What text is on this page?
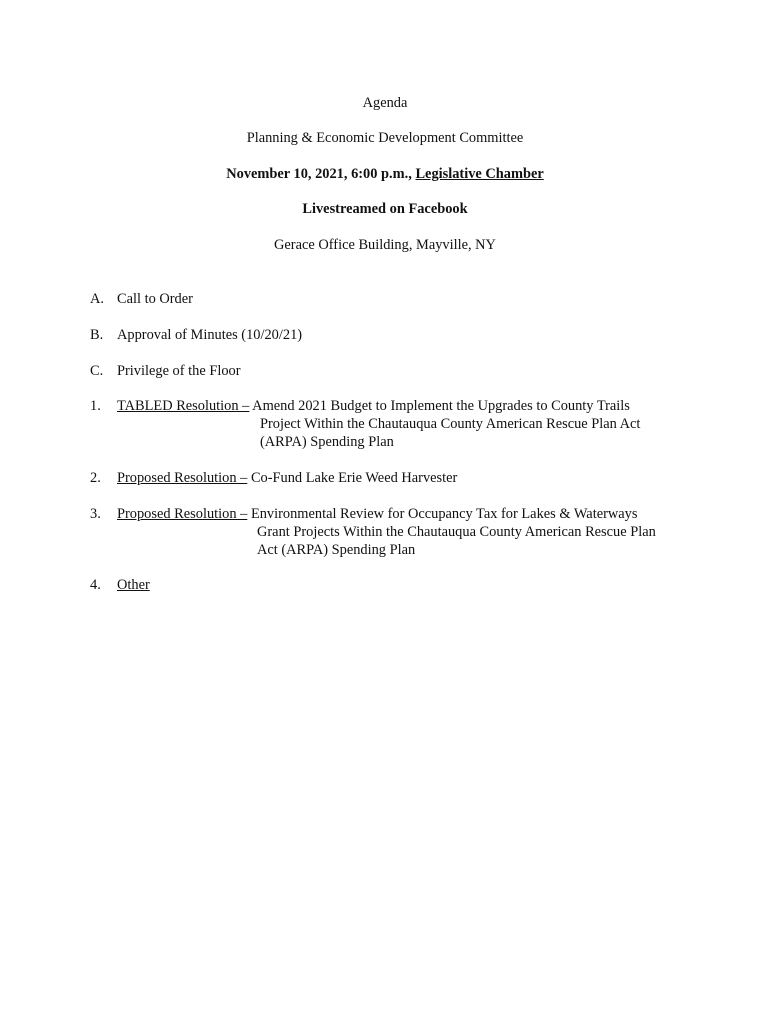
Agenda
Planning & Economic Development Committee
November 10, 2021, 6:00 p.m., Legislative Chamber
Livestreamed on Facebook
Gerace Office Building, Mayville, NY
A. Call to Order
B. Approval of Minutes (10/20/21)
C. Privilege of the Floor
1. TABLED Resolution – Amend 2021 Budget to Implement the Upgrades to County Trails
Project Within the Chautauqua County American Rescue Plan Act
(ARPA) Spending Plan
2. Proposed Resolution – Co-Fund Lake Erie Weed Harvester
3. Proposed Resolution – Environmental Review for Occupancy Tax for Lakes & Waterways
Grant Projects Within the Chautauqua County American Rescue Plan
Act (ARPA) Spending Plan
4. Other
